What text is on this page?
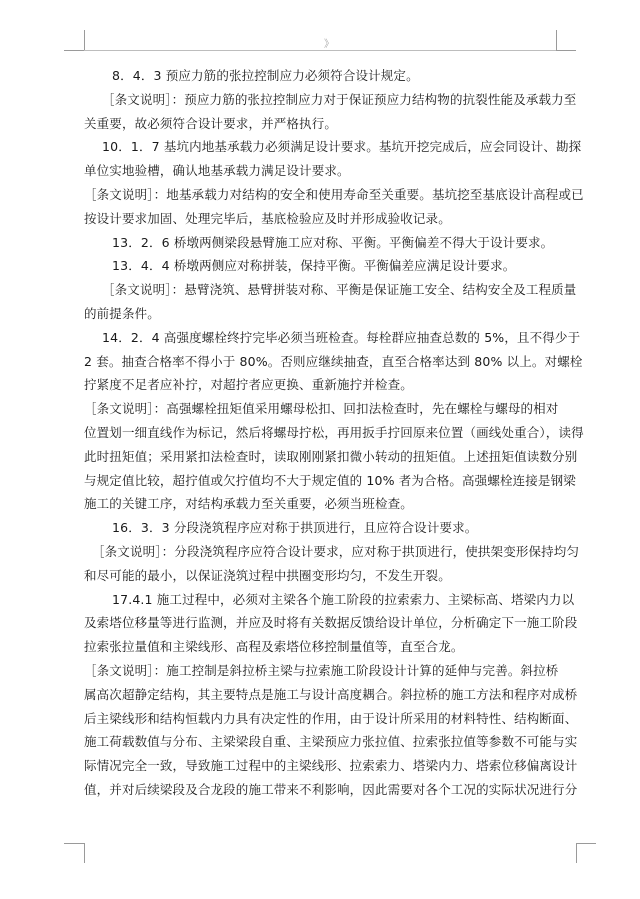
》
8．4．3 预应力筋的张拉控制应力必须符合设计规定。
［条文说明］：预应力筋的张拉控制应力对于保证预应力结构物的抗裂性能及承载力至
关重要，故必须符合设计要求，并严格执行。
10．1．7 基坑内地基承载力必须满足设计要求。基坑开挖完成后，应会同设计、勘探
单位实地验槽，确认地基承载力满足设计要求。
［条文说明］：地基承载力对结构的安全和使用寿命至关重要。基坑挖至基底设计高程或已
按设计要求加固、处理完毕后，基底检验应及时并形成验收记录。
13．2．6 桥墩两侧梁段悬臂施工应对称、平衡。平衡偏差不得大于设计要求。
13．4．4 桥墩两侧应对称拼装，保持平衡。平衡偏差应满足设计要求。
［条文说明］：悬臂浇筑、悬臂拼装对称、平衡是保证施工安全、结构安全及工程质量
的前提条件。
14．2．4 高强度螺栓终拧完毕必须当班检查。每栓群应抽查总数的 5%，且不得少于
2 套。抽查合格率不得小于 80%。否则应继续抽查，直至合格率达到 80% 以上。对螺栓
拧紧度不足者应补拧，对超拧者应更换、重新施拧并检查。
［条文说明］：高强螺栓扭矩值采用螺母松扣、回扣法检查时，先在螺栓与螺母的相对
位置划一细直线作为标记，然后将螺母拧松，再用扳手拧回原来位置（画线处重合），读得
此时扭矩值；采用紧扣法检查时，读取刚刚紧扣微小转动的扭矩值。上述扭矩值读数分别
与规定值比较，超拧值或欠拧值均不大于规定值的 10% 者为合格。高强螺栓连接是钢梁
施工的关键工序，对结构承载力至关重要，必须当班检查。
16．3．3 分段浇筑程序应对称于拱顶进行，且应符合设计要求。
［条文说明］：分段浇筑程序应符合设计要求，应对称于拱顶进行，使拱架变形保持均匀
和尽可能的最小，以保证浇筑过程中拱圈变形均匀，不发生开裂。
17.4.1 施工过程中，必须对主梁各个施工阶段的拉索索力、主梁标高、塔梁内力以
及索塔位移量等进行监测，并应及时将有关数据反馈给设计单位，分析确定下一施工阶段
拉索张拉量值和主梁线形、高程及索塔位移控制量值等，直至合龙。
［条文说明］：施工控制是斜拉桥主梁与拉索施工阶段设计计算的延伸与完善。斜拉桥
属高次超静定结构，其主要特点是施工与设计高度耦合。斜拉桥的施工方法和程序对成桥
后主梁线形和结构恒载内力具有决定性的作用，由于设计所采用的材料特性、结构断面、
施工荷载数值与分布、主梁梁段自重、主梁预应力张拉值、拉索张拉值等参数不可能与实
际情况完全一致，导致施工过程中的主梁线形、拉索索力、塔梁内力、塔索位移偏离设计
值，并对后续梁段及合龙段的施工带来不利影响，因此需要对各个工况的实际状况进行分
